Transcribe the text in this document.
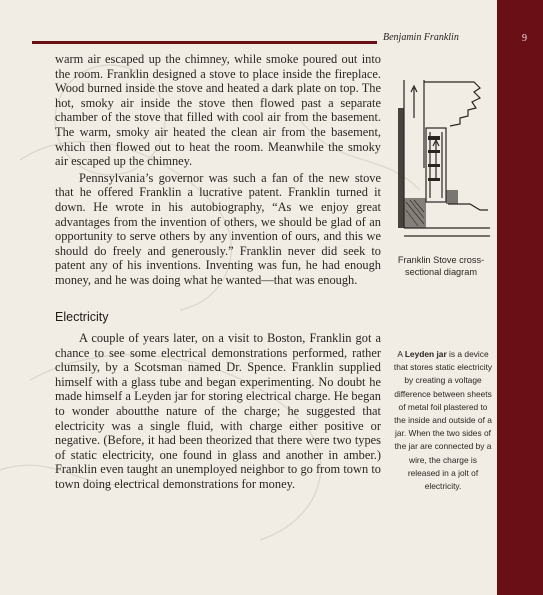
9
Benjamin Franklin

warm air escaped up the chimney, while smoke poured out into the room. Franklin designed a stove to place inside the fireplace. Wood burned inside the stove and heated a dark plate on top. The hot, smoky air inside the stove then flowed past a separate chamber of the stove that filled with cool air from the basement. The warm, smoky air heated the clean air from the basement, which then flowed out to heat the room. Meanwhile the smoky air escaped up the chimney.

Pennsylvania’s governor was such a fan of the new stove that he offered Franklin a lucrative patent. Franklin turned it down. He wrote in his autobiography, “As we enjoy great advantages from the invention of others, we should be glad of an opportunity to serve others by any invention of ours, and this we should do freely and generously.” Franklin never did seek to patent any of his inventions. Inventing was fun, he had enough money, and he was doing what he wanted—that was enough.

Electricity

A couple of years later, on a visit to Boston, Franklin got a chance to see some electrical demonstrations performed, rather clumsily, by a Scotsman named Dr. Spence. Franklin supplied himself with a glass tube and began experimenting. No doubt he made himself a Leyden jar for storing electrical charge. He began to wonder aboutthe nature of the charge; he suggested that electricity was a single fluid, with charge either positive or negative. (Before, it had been theorized that there were two types of static electricity, one found in glass and another in amber.) Franklin even taught an unemployed neighbor to go from town to town doing electrical demonstrations for money.

Franklin Stove cross-sectional diagram
A Leyden jar is a device that stores static electricity by creating a voltage difference between sheets of metal foil plastered to the inside and outside of a jar. When the two sides of the jar are connected by a wire, the charge is released in a jolt of electricity.
